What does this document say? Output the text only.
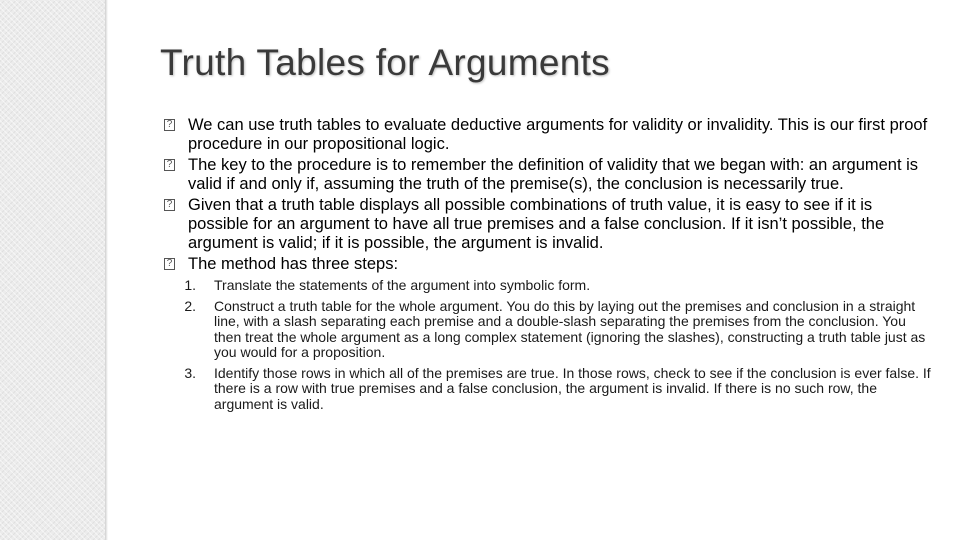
Truth Tables for Arguments
? We can use truth tables to evaluate deductive arguments for validity or invalidity. This is our first proof procedure in our propositional logic.
? The key to the procedure is to remember the definition of validity that we began with: an argument is valid if and only if, assuming the truth of the premise(s), the conclusion is necessarily true.
? Given that a truth table displays all possible combinations of truth value, it is easy to see if it is possible for an argument to have all true premises and a false conclusion. If it isn’t possible, the argument is valid; if it is possible, the argument is invalid.
? The method has three steps:
1. Translate the statements of the argument into symbolic form.
2. Construct a truth table for the whole argument. You do this by laying out the premises and conclusion in a straight line, with a slash separating each premise and a double-slash separating the premises from the conclusion. You then treat the whole argument as a long complex statement (ignoring the slashes), constructing a truth table just as you would for a proposition.
3. Identify those rows in which all of the premises are true. In those rows, check to see if the conclusion is ever false. If there is a row with true premises and a false conclusion, the argument is invalid. If there is no such row, the argument is valid.
